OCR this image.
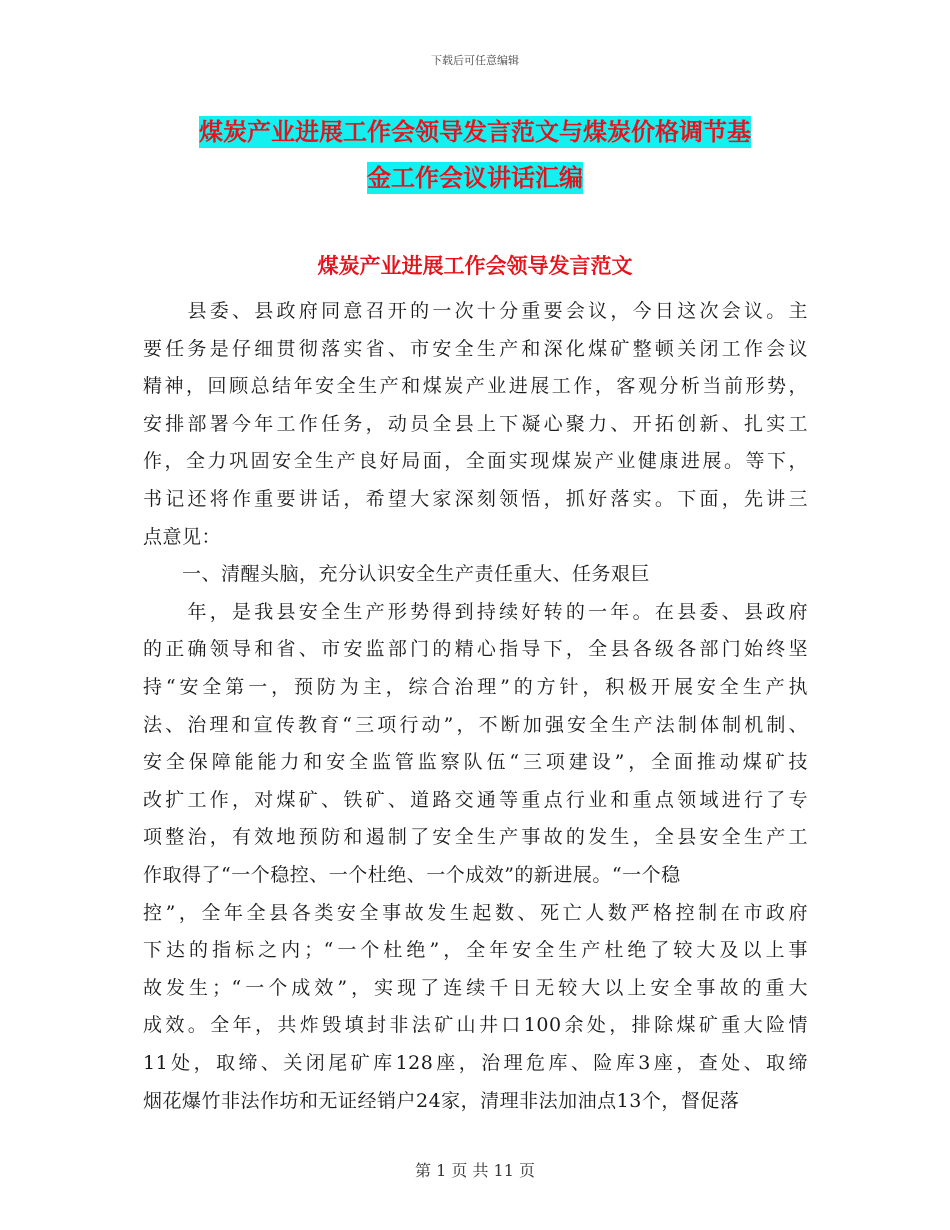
下载后可任意编辑
煤炭产业进展工作会领导发言范文与煤炭价格调节基
金工作会议讲话汇编
煤炭产业进展工作会领导发言范文
　　县委、县政府同意召开的一次十分重要会议，今日这次会议。主
要任务是仔细贯彻落实省、市安全生产和深化煤矿整顿关闭工作会议
精神，回顾总结年安全生产和煤炭产业进展工作，客观分析当前形势，
安排部署今年工作任务，动员全县上下凝心聚力、开拓创新、扎实工
作，全力巩固安全生产良好局面，全面实现煤炭产业健康进展。等下，
书记还将作重要讲话，希望大家深刻领悟，抓好落实。下面，先讲三
点意见：
　　一、清醒头脑，充分认识安全生产责任重大、任务艰巨
　　年，是我县安全生产形势得到持续好转的一年。在县委、县政府
的正确领导和省、市安监部门的精心指导下，全县各级各部门始终坚
持“安全第一，预防为主，综合治理”的方针，积极开展安全生产执
法、治理和宣传教育“三项行动”，不断加强安全生产法制体制机制、
安全保障能能力和安全监管监察队伍“三项建设”，全面推动煤矿技
改扩工作，对煤矿、铁矿、道路交通等重点行业和重点领域进行了专
项整治，有效地预防和遏制了安全生产事故的发生，全县安全生产工
作取得了“一个稳控、一个杜绝、一个成效”的新进展。“一个稳
控”，全年全县各类安全事故发生起数、死亡人数严格控制在市政府
下达的指标之内；“一个杜绝”，全年安全生产杜绝了较大及以上事
故发生；“一个成效”，实现了连续千日无较大以上安全事故的重大
成效。全年，共炸毁填封非法矿山井口100余处，排除煤矿重大险情
11处，取缔、关闭尾矿库128座，治理危库、险库3座，查处、取缔
烟花爆竹非法作坊和无证经销户24家，清理非法加油点13个，督促落
第 1 页 共 11 页
